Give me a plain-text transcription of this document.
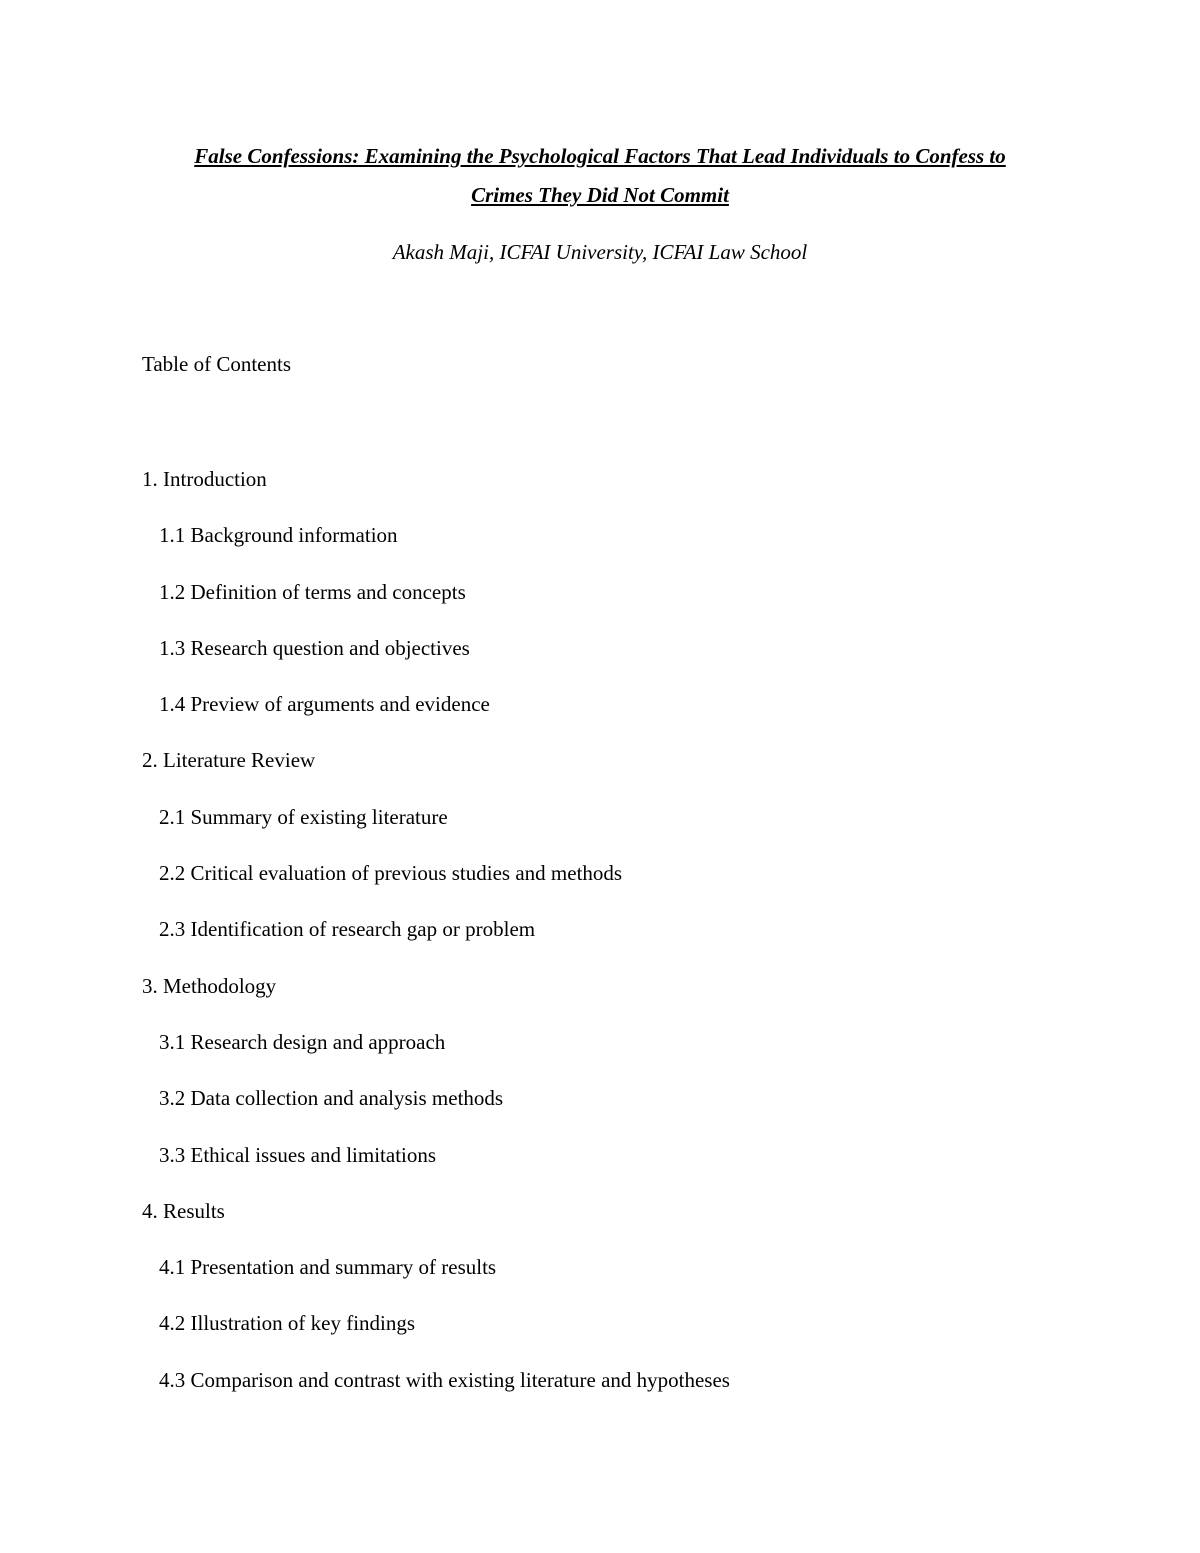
False Confessions: Examining the Psychological Factors That Lead Individuals to Confess to
Crimes They Did Not Commit
Akash Maji, ICFAI University, ICFAI Law School
Table of Contents
1. Introduction
1.1 Background information
1.2 Definition of terms and concepts
1.3 Research question and objectives
1.4 Preview of arguments and evidence
2. Literature Review
2.1 Summary of existing literature
2.2 Critical evaluation of previous studies and methods
2.3 Identification of research gap or problem
3. Methodology
3.1 Research design and approach
3.2 Data collection and analysis methods
3.3 Ethical issues and limitations
4. Results
4.1 Presentation and summary of results
4.2 Illustration of key findings
4.3 Comparison and contrast with existing literature and hypotheses
